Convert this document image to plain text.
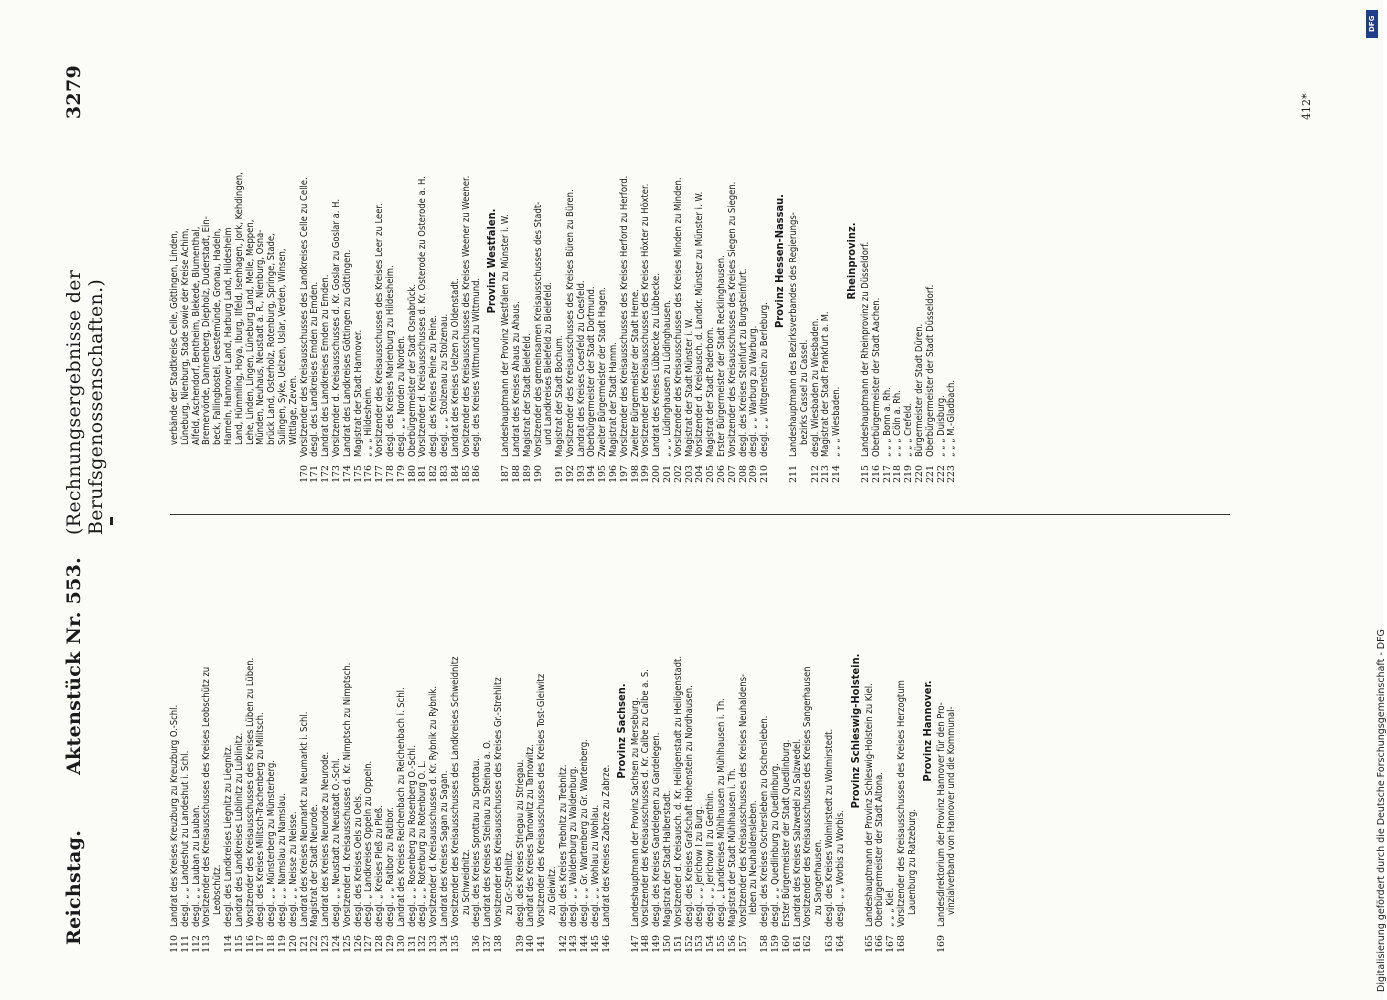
Reichstag.
Aktenstück Nr. 553.
(Rechnungsergebnisse der Berufsgenossenschaften.)
3279
110
Landrat des Kreises Kreuzburg zu Kreuzburg O.-Schl.
111
desgl. „ „ Landeshut zu Landeshut i. Schl.
112
desgl. „ „ Lauban zu Lauban.
113
Vorsitzender des Kreisausschusses des Kreises Leobschütz zu Leobschütz.
114
desgl. des Landkreises Liegnitz zu Liegnitz.
115
Landrat des Landkreises Lublinitz zu Lublinitz.
116
Vorsitzender des Kreisausschusses des Kreises Lüben zu Lüben.
117
desgl. des Kreises Militsch-Trachenberg zu Militsch.
118
desgl. „ „ Münsterberg zu Münsterberg.
119
desgl. „ „ Namslau zu Namslau.
120
desgl. „ „ Neisse zu Neisse.
121
Landrat des Kreises Neumarkt zu Neumarkt i. Schl.
122
Magistrat der Stadt Neurode.
123
Landrat des Kreises Neurode zu Neurode.
124
desgl. „ „ Neustadt zu Neustadt O.-Schl.
125
Vorsitzender d. Kreisausschusses d. Kr. Nimptsch zu Nimptsch.
126
desgl. des Kreises Oels zu Oels.
127
desgl. „ Landkreises Oppeln zu Oppeln.
128
desgl. „ Kreises Pleß zu Pleß.
129
desgl. „ „ Ratibor zu Ratibor.
130
Landrat des Kreises Reichenbach zu Reichenbach i. Schl.
131
desgl. „ „ Rosenberg zu Rosenberg O.-Schl.
132
desgl. „ „ Rotenburg zu Rotenburg O. L.
133
Vorsitzender d. Kreisausschusses d. Kr. Rybnik zu Rybnik.
134
Landrat des Kreises Sagan zu Sagan.
135
Vorsitzender des Kreisausschusses des Landkreises Schweidnitz zu Schweidnitz.
136
desgl. des Kreises Sprottau zu Sprottau.
137
Landrat des Kreises Steinau zu Steinau a. O.
138
Vorsitzender des Kreisausschusses des Kreises Gr.-Strehlitz zu Gr.-Strehlitz.
139
desgl. des Kreises Striegau zu Striegau.
140
Landrat des Kreises Tarnowitz zu Tarnowitz.
141
Vorsitzender des Kreisausschusses des Kreises Tost-Gleiwitz zu Gleiwitz.
142
desgl. des Kreises Trebnitz zu Trebnitz.
143
desgl. „ „ Waldenburg zu Waldenburg.
144
desgl. „ „ Gr. Wartenberg zu Gr. Wartenberg.
145
desgl. „ „ Wohlau zu Wohlau.
146
Landrat des Kreises Zabrze zu Zabrze.
Provinz Sachsen.
147
Landeshauptmann der Provinz Sachsen zu Merseburg.
148
Vorsitzender des Kreisausschusses d. Kr. Calbe zu Calbe a. S.
149
desgl. des Kreises Gardelegen zu Gardelegen.
150
Magistrat der Stadt Halberstadt.
151
Vorsitzender d. Kreisausch. d. Kr. Heiligenstadt zu Heiligenstadt.
152
desgl. des Kreises Grafschaft Hohenstein zu Nordhausen.
153
desgl. „ „ Jerichow I zu Burg.
154
desgl. „ „ Jerichow II zu Genthin.
155
desgl. „ Landkreises Mühlhausen zu Mühlhausen i. Th.
156
Magistrat der Stadt Mühlhausen i. Th.
157
Vorsitzender des Kreisausschusses des Kreises Neuhaldens- leben zu Neuhaldensleben.
158
desgl. des Kreises Oschersleben zu Oschersleben.
159
desgl. „ „ Quedlinburg zu Quedlinburg.
160
Erster Bürgermeister der Stadt Quedlinburg.
161
Landrat des Kreises Salzwedel zu Salzwedel.
162
Vorsitzender des Kreisausschusses des Kreises Sangerhausen zu Sangerhausen.
163
desgl. des Kreises Wolmirstedt zu Wolmirstedt.
164
desgl. „ „ Worbis zu Worbis.
Provinz Schleswig-Holstein.
165
Landeshauptmann der Provinz Schleswig-Holstein zu Kiel.
166
Oberbürgermeister der Stadt Altona.
167
„ „ „ Kiel.
168
Vorsitzender des Kreisausschusses des Kreises Herzogtum Lauenburg zu Ratzeburg.
Provinz Hannover.
169
Landesdirektorium der Provinz Hannover für den Pro- vinzialverband von Hannover und die Kommunal-
verbände der Stadtkreise Celle, Göttingen, Linden, Lüneburg, Nienburg, Stade sowie der Kreise Achim, Alfeld, Aschendorf, Bentheim, Blekede, Blumenthal, Bremervörde, Dannenberg, Diepholz, Duderstadt, Ein- beck, Fallingbostel, Geestemünde, Gronau, Hadeln, Hameln, Hannover Land, Harburg Land, Hildesheim Land, Hümmling, Hoya, Iburg, Ilfeld, Isenhagen, Jork, Kehdingen, Lehe, Linden, Lingen, Lüneburg Land, Melle, Meppen, Münden, Neuhaus, Neustadt a. R., Nienburg, Osna- brück Land, Osterholz, Rotenburg, Springe, Stade, Sulingen, Syke, Uelzen, Uslar, Verden, Winsen, Wittlage, Zeven.
170
Vorsitzender des Kreisausschusses des Landkreises Celle zu Celle.
171
desgl. des Landkreises Emden zu Emden.
172
Landrat des Landkreises Emden zu Emden.
173
Vorsitzender d. Kreisausschusses d. Kr. Goslar zu Goslar a. H.
174
Landrat des Landkreises Göttingen zu Göttingen.
175
Magistrat der Stadt Hannover.
176
„ „ „ Hildesheim.
177
Vorsitzender des Kreisausschusses des Kreises Leer zu Leer.
178
desgl. des Kreises Marienburg zu Hildesheim.
179
desgl. „ „ Norden zu Norden.
180
Oberbürgermeister der Stadt Osnabrück.
181
Vorsitzender d. Kreisausschusses d. Kr. Osterode zu Osterode a. H.
182
desgl. des Kreises Peine zu Peine.
183
desgl. „ „ Stolzenau zu Stolzenau.
184
Landrat des Kreises Uelzen zu Oldenstadt.
185
Vorsitzender des Kreisausschusses des Kreises Weener zu Weener.
186
desgl. des Kreises Wittmund zu Wittmund.
Provinz Westfalen.
187
Landeshauptmann der Provinz Westfalen zu Münster i. W.
188
Landrat des Kreises Ahaus zu Ahaus.
189
Magistrat der Stadt Bielefeld.
190
Vorsitzender des gemeinsamen Kreisausschusses des Stadt- und Landkreises Bielefeld zu Bielefeld.
191
Magistrat der Stadt Bochum.
192
Vorsitzender des Kreisausschusses des Kreises Büren zu Büren.
193
Landrat des Kreises Coesfeld zu Coesfeld.
194
Oberbürgermeister der Stadt Dortmund.
195
Zweiter Bürgermeister der Stadt Hagen.
196
Magistrat der Stadt Hamm.
197
Vorsitzender des Kreisausschusses des Kreises Herford zu Herford.
198
Zweiter Bürgermeister der Stadt Herne.
199
Vorsitzender des Kreisausschusses des Kreises Höxter zu Höxter.
200
Landrat des Kreises Lübbecke zu Lübbecke.
201
„ „ „ Lüdinghausen zu Lüdinghausen.
202
Vorsitzender des Kreisausschusses des Kreises Minden zu Minden.
203
Magistrat der Stadt Münster i. W.
204
Vorsitzender d. Kreisausch. d. Landkr. Münster zu Münster i. W.
205
Magistrat der Stadt Paderborn.
206
Erster Bürgermeister der Stadt Recklinghausen.
207
Vorsitzender des Kreisausschusses des Kreises Siegen zu Siegen.
208
desgl. des Kreises Steinfurt zu Burgsteinfurt.
209
desgl. „ „ Warburg zu Warburg.
210
desgl. „ „ Wittgenstein zu Berleburg.
Provinz Hessen-Nassau.
211
Landeshauptmann des Bezirksverbandes des Regierungs- bezirks Cassel zu Cassel.
212
desgl. Wiesbaden zu Wiesbaden.
213
Magistrat der Stadt Frankfurt a. M.
214
„ „ „ Wiesbaden.
Rheinprovinz.
215
Landeshauptmann der Rheinprovinz zu Düsseldorf.
216
Oberbürgermeister der Stadt Aachen.
217
„ „ „ Bonn a. Rh.
218
„ „ „ Cöln a. Rh.
219
„ „ „ Crefeld.
220
Bürgermeister der Stadt Düren.
221
Oberbürgermeister der Stadt Düsseldorf.
222
„ „ „ Duisburg.
223
„ „ „ M.-Gladbach.
412*
DFG
Digitalisierung gefördert durch die Deutsche Forschungsgemeinschaft - DFG
